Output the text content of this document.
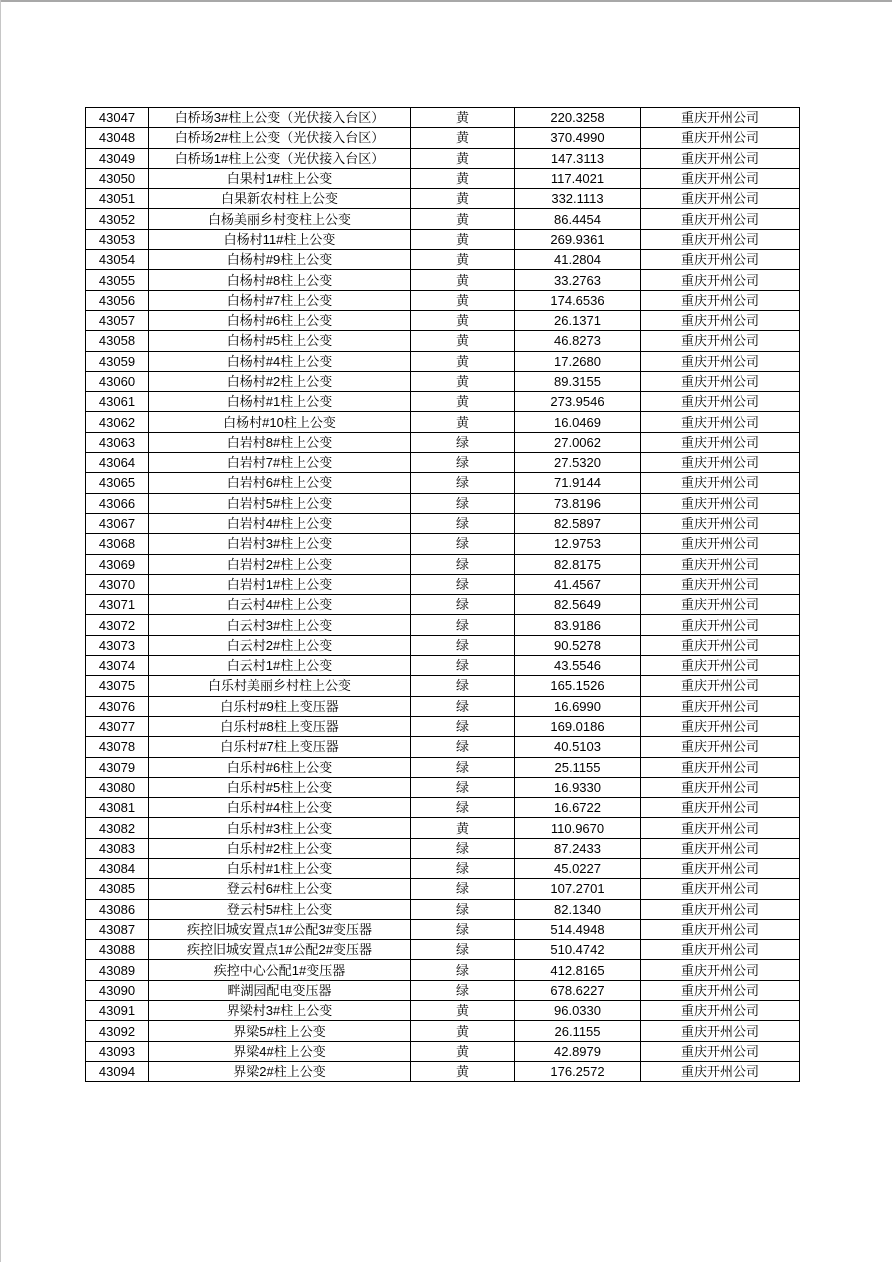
43047	白桥场3#柱上公变（光伏接入台区）	黄	220.3258	重庆开州公司
43048	白桥场2#柱上公变（光伏接入台区）	黄	370.4990	重庆开州公司
43049	白桥场1#柱上公变（光伏接入台区）	黄	147.3113	重庆开州公司
43050	白果村1#柱上公变	黄	117.4021	重庆开州公司
43051	白果新农村柱上公变	黄	332.1113	重庆开州公司
43052	白杨美丽乡村变柱上公变	黄	86.4454	重庆开州公司
43053	白杨村11#柱上公变	黄	269.9361	重庆开州公司
43054	白杨村#9柱上公变	黄	41.2804	重庆开州公司
43055	白杨村#8柱上公变	黄	33.2763	重庆开州公司
43056	白杨村#7柱上公变	黄	174.6536	重庆开州公司
43057	白杨村#6柱上公变	黄	26.1371	重庆开州公司
43058	白杨村#5柱上公变	黄	46.8273	重庆开州公司
43059	白杨村#4柱上公变	黄	17.2680	重庆开州公司
43060	白杨村#2柱上公变	黄	89.3155	重庆开州公司
43061	白杨村#1柱上公变	黄	273.9546	重庆开州公司
43062	白杨村#10柱上公变	黄	16.0469	重庆开州公司
43063	白岩村8#柱上公变	绿	27.0062	重庆开州公司
43064	白岩村7#柱上公变	绿	27.5320	重庆开州公司
43065	白岩村6#柱上公变	绿	71.9144	重庆开州公司
43066	白岩村5#柱上公变	绿	73.8196	重庆开州公司
43067	白岩村4#柱上公变	绿	82.5897	重庆开州公司
43068	白岩村3#柱上公变	绿	12.9753	重庆开州公司
43069	白岩村2#柱上公变	绿	82.8175	重庆开州公司
43070	白岩村1#柱上公变	绿	41.4567	重庆开州公司
43071	白云村4#柱上公变	绿	82.5649	重庆开州公司
43072	白云村3#柱上公变	绿	83.9186	重庆开州公司
43073	白云村2#柱上公变	绿	90.5278	重庆开州公司
43074	白云村1#柱上公变	绿	43.5546	重庆开州公司
43075	白乐村美丽乡村柱上公变	绿	165.1526	重庆开州公司
43076	白乐村#9柱上变压器	绿	16.6990	重庆开州公司
43077	白乐村#8柱上变压器	绿	169.0186	重庆开州公司
43078	白乐村#7柱上变压器	绿	40.5103	重庆开州公司
43079	白乐村#6柱上公变	绿	25.1155	重庆开州公司
43080	白乐村#5柱上公变	绿	16.9330	重庆开州公司
43081	白乐村#4柱上公变	绿	16.6722	重庆开州公司
43082	白乐村#3柱上公变	黄	110.9670	重庆开州公司
43083	白乐村#2柱上公变	绿	87.2433	重庆开州公司
43084	白乐村#1柱上公变	绿	45.0227	重庆开州公司
43085	登云村6#柱上公变	绿	107.2701	重庆开州公司
43086	登云村5#柱上公变	绿	82.1340	重庆开州公司
43087	疾控旧城安置点1#公配3#变压器	绿	514.4948	重庆开州公司
43088	疾控旧城安置点1#公配2#变压器	绿	510.4742	重庆开州公司
43089	疾控中心公配1#变压器	绿	412.8165	重庆开州公司
43090	畔湖园配电变压器	绿	678.6227	重庆开州公司
43091	界梁村3#柱上公变	黄	96.0330	重庆开州公司
43092	界梁5#柱上公变	黄	26.1155	重庆开州公司
43093	界梁4#柱上公变	黄	42.8979	重庆开州公司
43094	界梁2#柱上公变	黄	176.2572	重庆开州公司
